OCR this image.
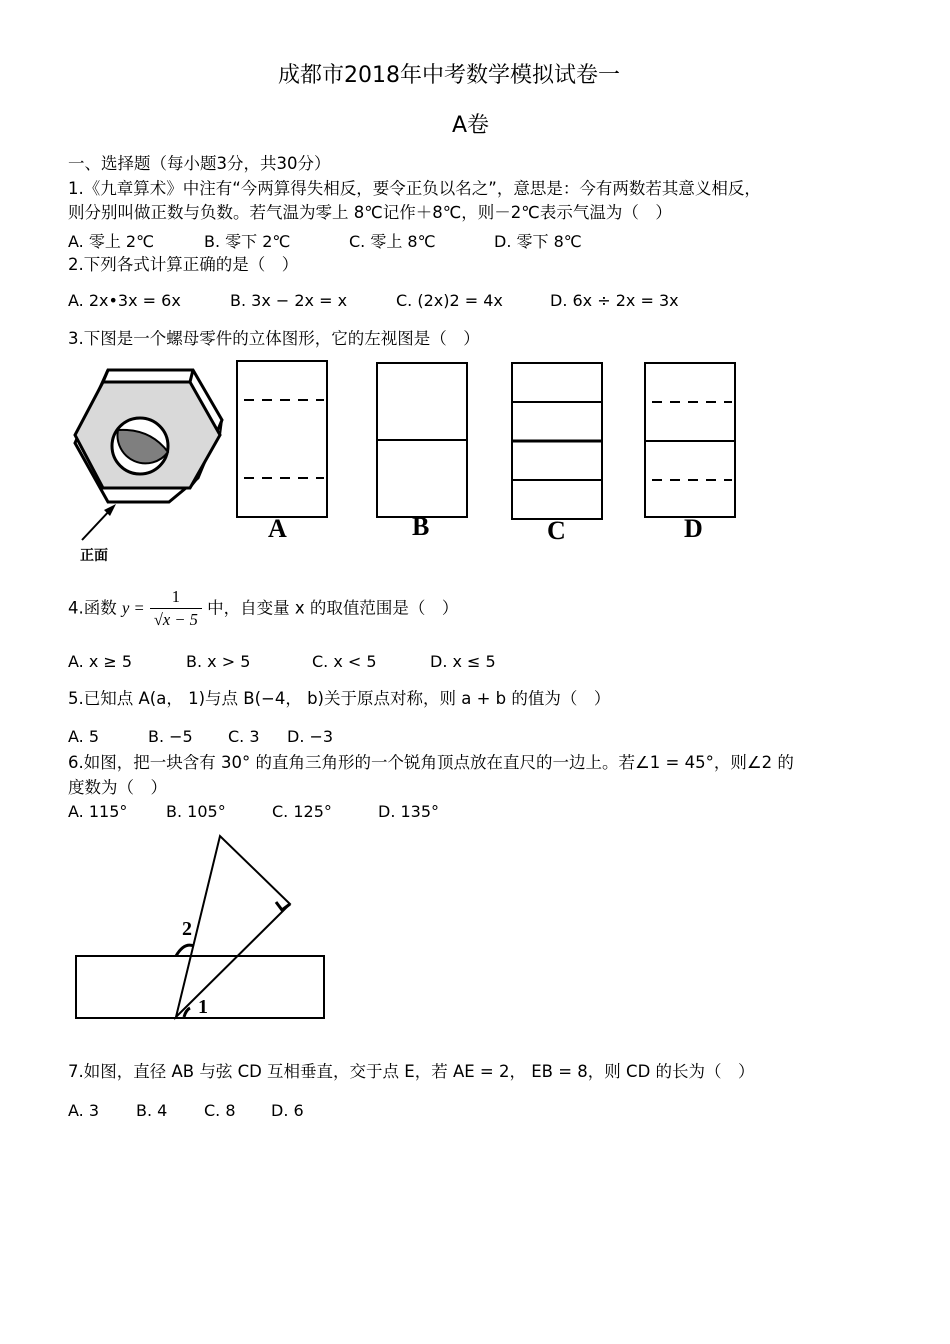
成都市2018年中考数学模拟试卷一
A卷
一、选择题（每小题3分，共30分）
1.《九章算术》中注有“今两算得失相反，要令正负以名之”，意思是：今有两数若其意义相反，
则分别叫做正数与负数。若气温为零上 8℃记作＋8℃，则－2℃表示气温为（　）
A. 零上 2℃	B. 零下 2℃	C. 零上 8℃	D. 零下 8℃
2.下列各式计算正确的是（　）
A. 2x•3x = 6x	B. 3x − 2x = x	C. (2x)2 = 4x	D. 6x ÷ 2x = 3x
3.下图是一个螺母零件的立体图形，它的左视图是（　）
正面
A	B	C	D
4.函数 $y = \frac{1}{√x - 5}$ 中，自变量 x 的取值范围是（　）
A. x ≥ 5	B. x > 5	C. x < 5	D. x ≤ 5
5.已知点 A(a， 1)与点 B(−4， b)关于原点对称，则 a + b 的值为（　）
A. 5	B. −5 C. 3 D. −3
6.如图，把一块含有 30° 的直角三角形的一个锐角顶点放在直尺的一边上。若∠1 = 45°，则∠2 的
度数为（　）
A. 115° B. 105°	C. 125°	D. 135°
2
1
7.如图，直径 AB 与弦 CD 互相垂直，交于点 E，若 AE = 2， EB = 8，则 CD 的长为（　）
A. 3 B. 4 C. 8 D. 6
